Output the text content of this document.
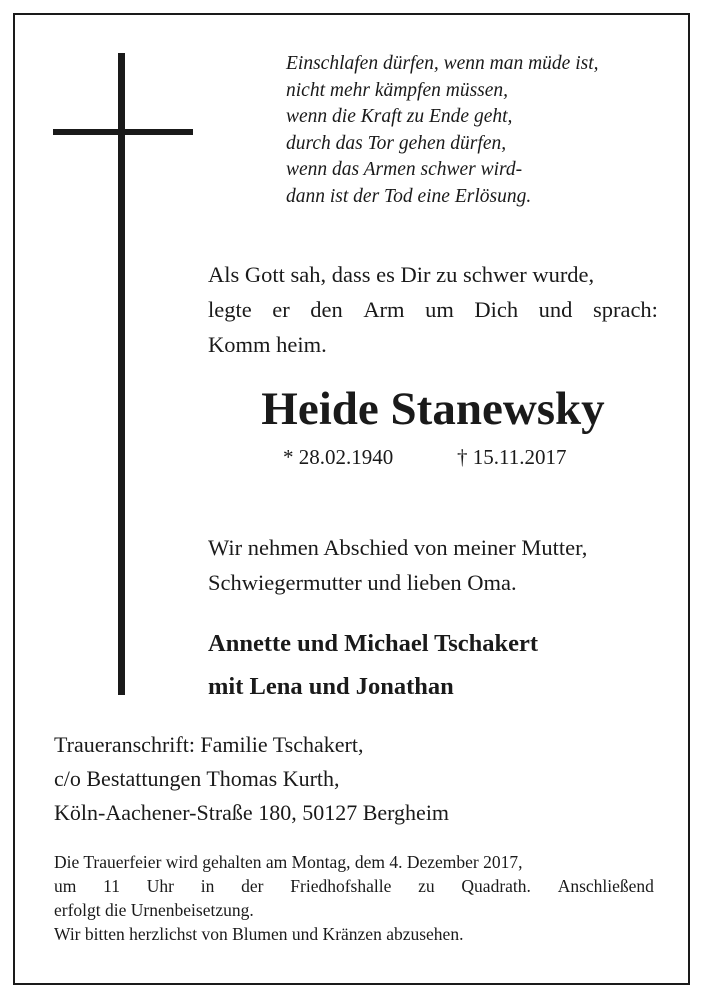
Einschlafen dürfen, wenn man müde ist,
nicht mehr kämpfen müssen,
wenn die Kraft zu Ende geht,
durch das Tor gehen dürfen,
wenn das Armen schwer wird-
dann ist der Tod eine Erlösung.
Als Gott sah, dass es Dir zu schwer wurde,
legte er den Arm um Dich und sprach:
Komm heim.
Heide Stanewsky
* 28.02.1940	† 15.11.2017
Wir nehmen Abschied von meiner Mutter,
Schwiegermutter und lieben Oma.
Annette und Michael Tschakert
mit Lena und Jonathan
Traueranschrift: Familie Tschakert,
c/o Bestattungen Thomas Kurth,
Köln-Aachener-Straße 180, 50127 Bergheim
Die Trauerfeier wird gehalten am Montag, dem 4. Dezember 2017,
um 11 Uhr in der Friedhofshalle zu Quadrath. Anschließend
erfolgt die Urnenbeisetzung.
Wir bitten herzlichst von Blumen und Kränzen abzusehen.
